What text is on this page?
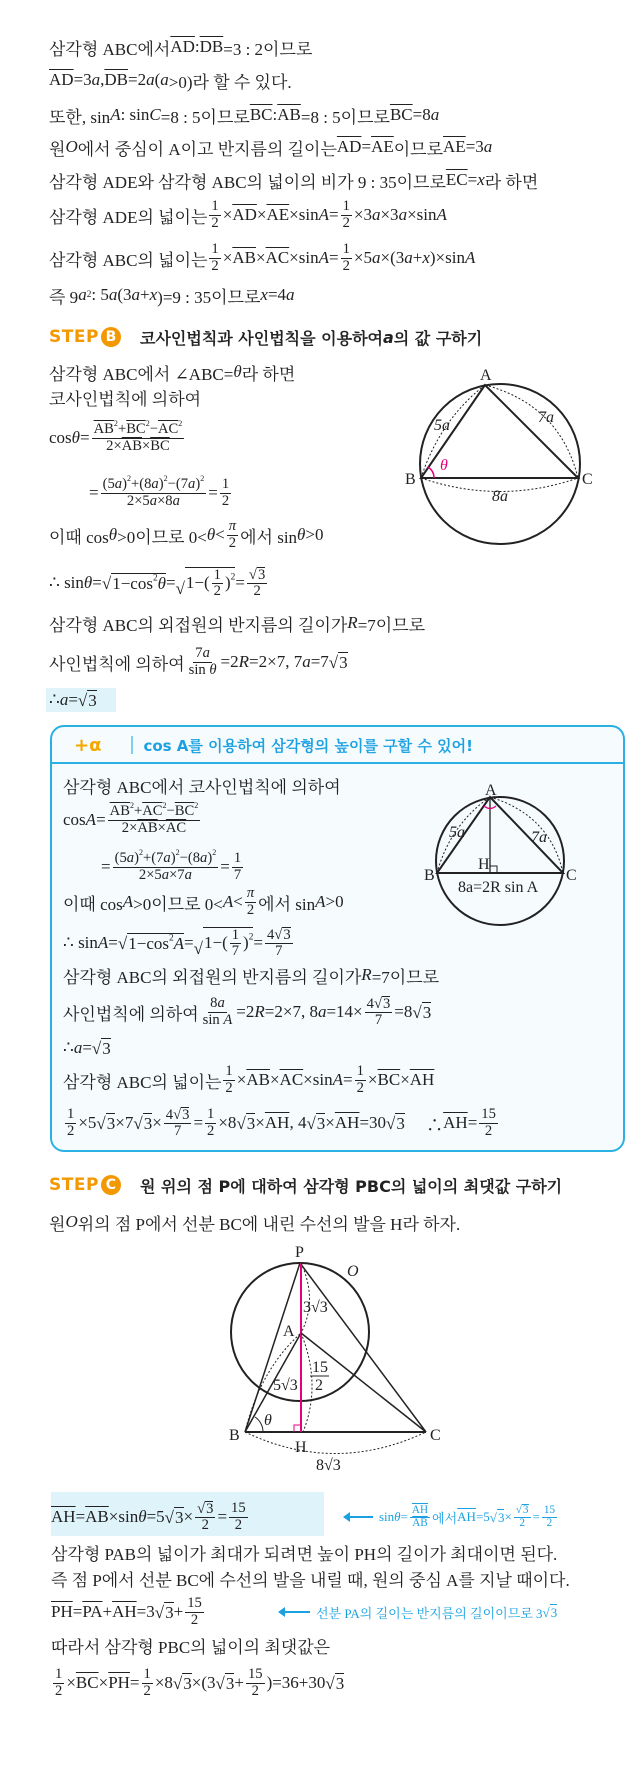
삼각형 ABC에서 $\overline{AD}$ : $\overline{DB} =3$ : 2이므로
$\overline{AD} =3$ a , $\overline{DB} =2$ a ( a >0)라 할 수 있다.
또한, sin A : sin C =8 : 5이므로 $\overline{BC}$ : $\overline{AB} =8$ : 5이므로 $\overline{BC} =8$ a
원 O 에서 중심이 A이고 반지름의 길이는 $\overline{AD} = \overline{AE}$ 이므로 $\overline{AE} =3$ a
삼각형 ADE와 삼각형 ABC의 넓이의 비가 9 : 35이므로 $\overline{EC} = x$ 라 하면
삼각형 ADE의 넓이는 $\frac{1}{2} \times \overline{AD} \times \overline{AE} \times\sin$ $A = \frac{1}{2} \times 3$ a ×3 a ×sin A
삼각형 ABC의 넓이는 $\frac{1}{2} \times \overline{AB} \times \overline{AC} \times\sin$ $A = \frac{1}{2} \times 5$ a ×(3 a + x )×sin A
즉 9 a 2 : 5 a (3 a + x )=9 : 35이므로 x =4 a
STEP B 코사인법칙과 사인법칙을 이용하여 a 의 값 구하기
삼각형 ABC에서 ∠ABC= θ 라 하면
코사인법칙에 의하여
$\cos \theta = \frac{\overline{AB}^2+\overline{BC}^2-\overline{AC}^2}{2\times\overline{AB}\times\overline{BC}}$
= $\frac{(5a)^2+(8a)^2-(7a)^2}{2\times 5a\times 8a} = \frac{1}{2}$
이때 cos θ >0이므로 $0< \theta < \frac{\pi}{2}$ 에서 sin θ >0
∴ sin θ = √ $1-\cos^2\theta$ = √ $1-( \frac{1}{2} )^2 = \frac{√ 3}{2}$
삼각형 ABC의 외접원의 반지름의 길이가 R =7이므로
사인법칙에 의하여 $\frac{7a}{\text{sin θ}} =2$ R =2×7, 7 a =7 √ 3
∴ a = √ 3
A
B	C
5a	7a
8a
θ
+α	cos A를 이용하여 삼각형의 높이를 구할 수 있어!
삼각형 ABC에서 코사인법칙에 의하여
$\cos A = \frac{\overline{AB}^2+\overline{AC}^2-\overline{BC}^2}{2\times\overline{AB}\times\overline{AC}}$
= $\frac{(5a)^2+(7a)^2-(8a)^2}{2\times 5a\times 7a} = \frac{1}{7}$
이때 cos A >0이므로 $0< A < \frac{\pi}{2}$ 에서 sin A >0
∴ sin A = √ $1-\cos^2A$ = √ $1-( \frac{1}{7} )^2 = \frac{4√ 3}{7}$
삼각형 ABC의 외접원의 반지름의 길이가 R =7이므로
사인법칙에 의하여 $\frac{8a}{\text{sin A}} =2$ R =2×7, 8 $a =14\times \frac{4√ 3}{7} =8$ √ 3
∴ a = √ 3
삼각형 ABC의 넓이는 $\frac{1}{2} \times \overline{AB} \times \overline{AC} \times\sin$ $A = \frac{1}{2} \times \overline{BC} \times \overline{AH}$
$\frac{1}{2} \times 5$ √ 3 ×7 √ $3 \times \frac{4√ 3}{7} = \frac{1}{2} \times 8$ √ $3 \times \overline{AH}$ , 4 √ $3 \times \overline{AH} =30$ √ 3 　 ∴ $\overline{AH} = \frac{15}{2}$
A
B	C
H
5a	7a
8a=2R sin A
STEP C	원 위의 점 P에 대하여 삼각형 PBC의 넓이의 최댓값 구하기
원 O 위의 점 P에서 선분 BC에 내린 수선의 발을 H라 하자.
P
O
A
B	C
H
3√3
5√3
15
2
θ
8√3
$\overline{AH} = \overline{AB} \times\sin$ θ =5 √ $3 \times \frac{√ 3}{2} = \frac{15}{2}$	$\sin \theta = \frac{\overline{AH}}{AB}$ 에서 $\overline{AH} =5$ √ $3 \times \frac{√ 3}{2} = \frac{15}{2}$
삼각형 PAB의 넓이가 최대가 되려면 높이 PH의 길이가 최대이면 된다.
즉 점 P에서 선분 BC에 수선의 발을 내릴 때, 원의 중심 A를 지날 때이다.
$\overline{PH} = \overline{PA} + \overline{AH} =3$ √ $3 + \frac{15}{2}$	선분 PA의 길이는 반지름의 길이이므로 3 √ 3
따라서 삼각형 PBC의 넓이의 최댓값은
$\frac{1}{2} \times \overline{BC} \times \overline{PH} = \frac{1}{2} \times 8$ √ 3 ×(3 √ $3 + \frac{15}{2} )=36+30$ √ 3
